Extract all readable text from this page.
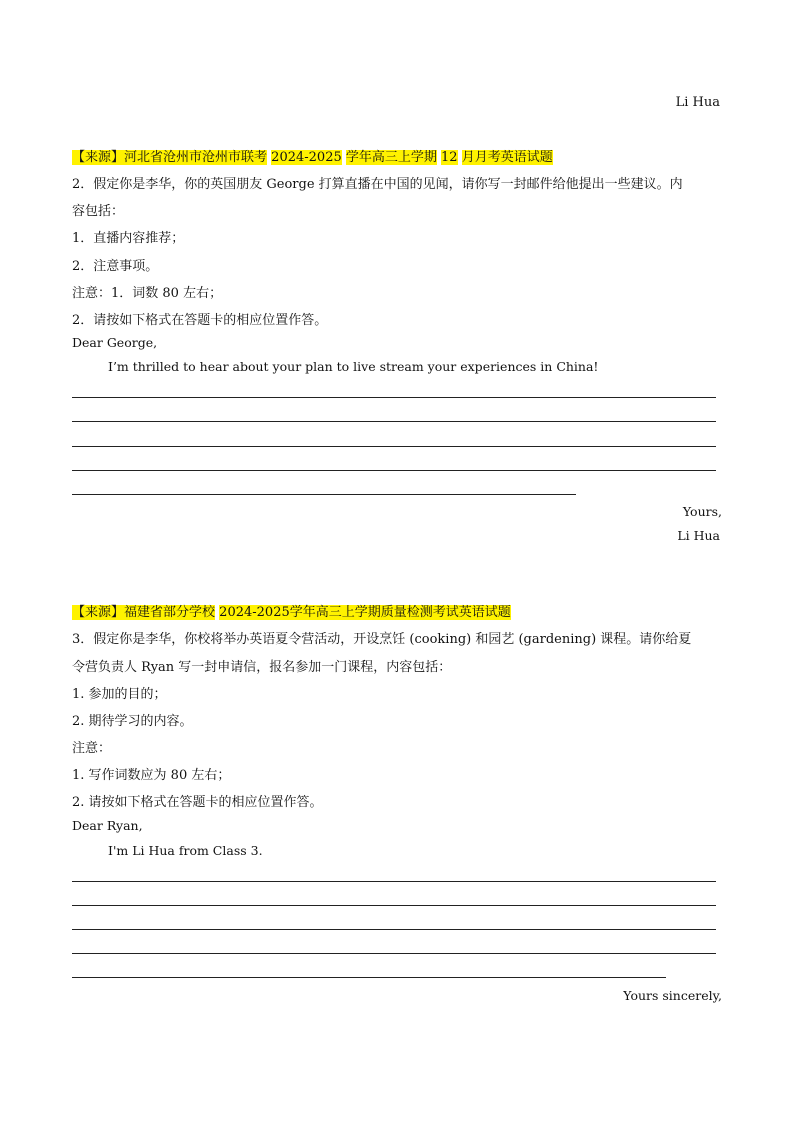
Li Hua
【来源】河北省沧州市沧州市联考 2024-2025 学年高三上学期 12 月月考英语试题
2．假定你是李华，你的英国朋友 George 打算直播在中国的见闻，请你写一封邮件给他提出一些建议。内
容包括：
1．直播内容推荐；
2．注意事项。
注意：1．词数 80 左右；
2．请按如下格式在答题卡的相应位置作答。
Dear George,
I’m thrilled to hear about your plan to live stream your experiences in China!
Yours,
Li Hua
【来源】福建省部分学校 2024-2025学年高三上学期质量检测考试英语试题
3．假定你是李华，你校将举办英语夏令营活动，开设烹饪 (cooking) 和园艺 (gardening) 课程。请你给夏
令营负责人 Ryan 写一封申请信，报名参加一门课程，内容包括：
1. 参加的目的；
2. 期待学习的内容。
注意：
1. 写作词数应为 80 左右；
2. 请按如下格式在答题卡的相应位置作答。
Dear Ryan,
I'm Li Hua from Class 3.
Yours sincerely,
